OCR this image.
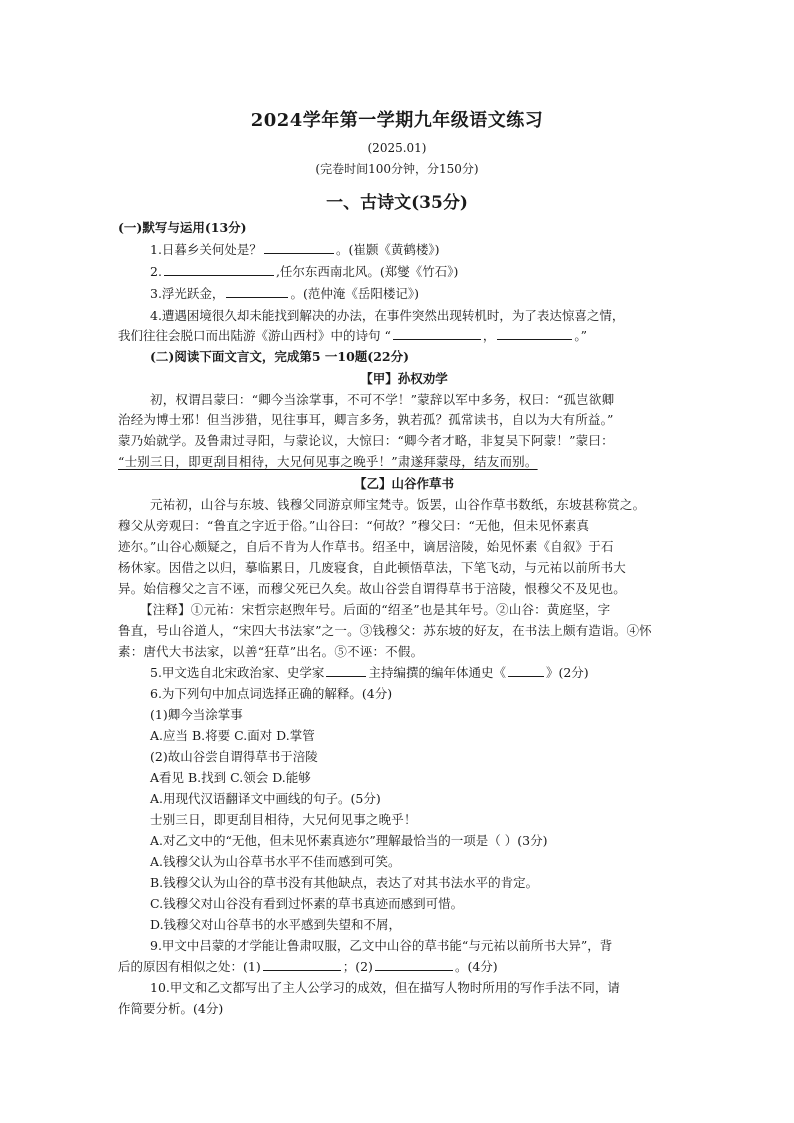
2024学年第一学期九年级语文练习
(2025.01)
(完卷时间100分钟，分150分)
一、古诗文(35分)
(一)默写与运用(13分)
1.日暮乡关何处是？	。(崔颢《黄鹤楼》)
2.	,任尔东西南北风。(郑燮《竹石》)
3.浮光跃金，	。(范仲淹《岳阳楼记》)
4.遭遇困境很久却未能找到解决的办法，在事件突然出现转机时，为了表达惊喜之情，
我们往往会脱口而出陆游《游山西村》中的诗句 “	，	。”
(二)阅读下面文言文，完成第5 一10题(22分)
【甲】孙权劝学
初，权谓吕蒙曰：“卿今当涂掌事，不可不学！”蒙辞以军中多务，权曰：“孤岂欲卿
治经为博士邪！但当涉猎，见往事耳，卿言多务，孰若孤？孤常读书，自以为大有所益。”
蒙乃始就学。及鲁肃过寻阳，与蒙论议，大惊曰：“卿今者才略，非复吴下阿蒙！”蒙曰：
“士别三日，即更刮目相待，大兄何见事之晚乎！”肃遂拜蒙母，结友而别。
【乙】山谷作草书
元祐初，山谷与东坡、钱穆父同游京师宝梵寺。饭罢，山谷作草书数纸，东坡甚称赏之。
穆父从旁观曰：“鲁直之字近于俗。”山谷曰：“何故？”穆父曰：“无他，但未见怀素真
迹尔。”山谷心颇疑之，自后不肯为人作草书。绍圣中，谪居涪陵，始见怀素《自叙》于石
杨休家。因借之以归，摹临累日，几废寝食，自此顿悟草法，下笔飞动，与元祐以前所书大
异。始信穆父之言不诬，而穆父死已久矣。故山谷尝自谓得草书于涪陵，恨穆父不及见也。
【注释】①元祐：宋哲宗赵煦年号。后面的“绍圣”也是其年号。②山谷：黄庭坚，字
鲁直，号山谷道人，“宋四大书法家”之一。③钱穆父：苏东坡的好友，在书法上颇有造诣。④怀
素：唐代大书法家，以善“狂草”出名。⑤不诬：不假。
5.甲文选自北宋政治家、史学家	主持编撰的编年体通史《	》(2分)
6.为下列句中加点词选择正确的解释。(4分)
(1)卿今当涂掌事
A.应当 B.将要 C.面对 D.掌管
(2)故山谷尝自谓得草书于涪陵
A看见 B.找到 C.领会 D.能够
A.用现代汉语翻译文中画线的句子。(5分)
士别三日，即更刮目相待，大兄何见事之晚乎！
A.对乙文中的“无他，但未见怀素真迹尔”理解最恰当的一项是（ ）(3分)
A.钱穆父认为山谷草书水平不佳而感到可笑。
B.钱穆父认为山谷的草书没有其他缺点，表达了对其书法水平的肯定。
C.钱穆父对山谷没有看到过怀素的草书真迹而感到可惜。
D.钱穆父对山谷草书的水平感到失望和不屑，
9.甲文中吕蒙的才学能让鲁肃叹服，乙文中山谷的草书能“与元祐以前所书大异”，背
后的原因有相似之处：(1)	；(2)	。(4分)
10.甲文和乙文都写出了主人公学习的成效，但在描写人物时所用的写作手法不同，请
作简要分析。(4分)
